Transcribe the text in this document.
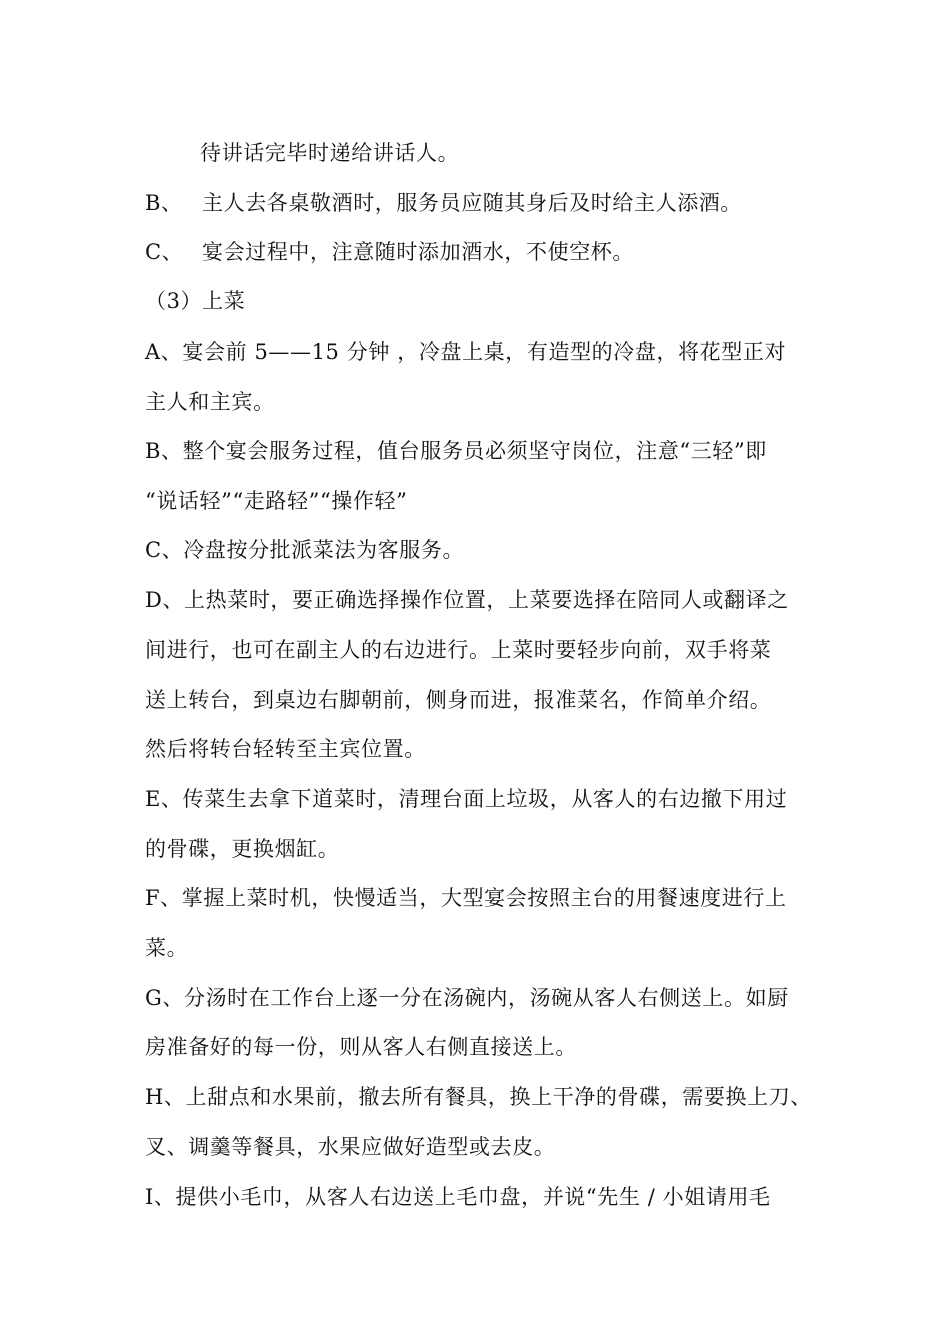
待讲话完毕时递给讲话人。
B、 主人去各桌敬酒时，服务员应随其身后及时给主人添酒。
C、 宴会过程中，注意随时添加酒水，不使空杯。
（3）上菜
A、宴会前 5——15 分钟 ，冷盘上桌，有造型的冷盘，将花型正对
主人和主宾。
B、整个宴会服务过程，值台服务员必须坚守岗位，注意“三轻”即
“说话轻”“走路轻”“操作轻”
C、冷盘按分批派菜法为客服务。
D、上热菜时，要正确选择操作位置，上菜要选择在陪同人或翻译之
间进行，也可在副主人的右边进行。上菜时要轻步向前，双手将菜
送上转台，到桌边右脚朝前，侧身而进，报准菜名，作简单介绍。
然后将转台轻转至主宾位置。
E、传菜生去拿下道菜时，清理台面上垃圾，从客人的右边撤下用过
的骨碟，更换烟缸。
F、掌握上菜时机，快慢适当，大型宴会按照主台的用餐速度进行上
菜。
G、分汤时在工作台上逐一分在汤碗内，汤碗从客人右侧送上。如厨
房准备好的每一份，则从客人右侧直接送上。
H、上甜点和水果前，撤去所有餐具，换上干净的骨碟，需要换上刀、
叉、调羹等餐具，水果应做好造型或去皮。
I、提供小毛巾，从客人右边送上毛巾盘，并说“先生 / 小姐请用毛
